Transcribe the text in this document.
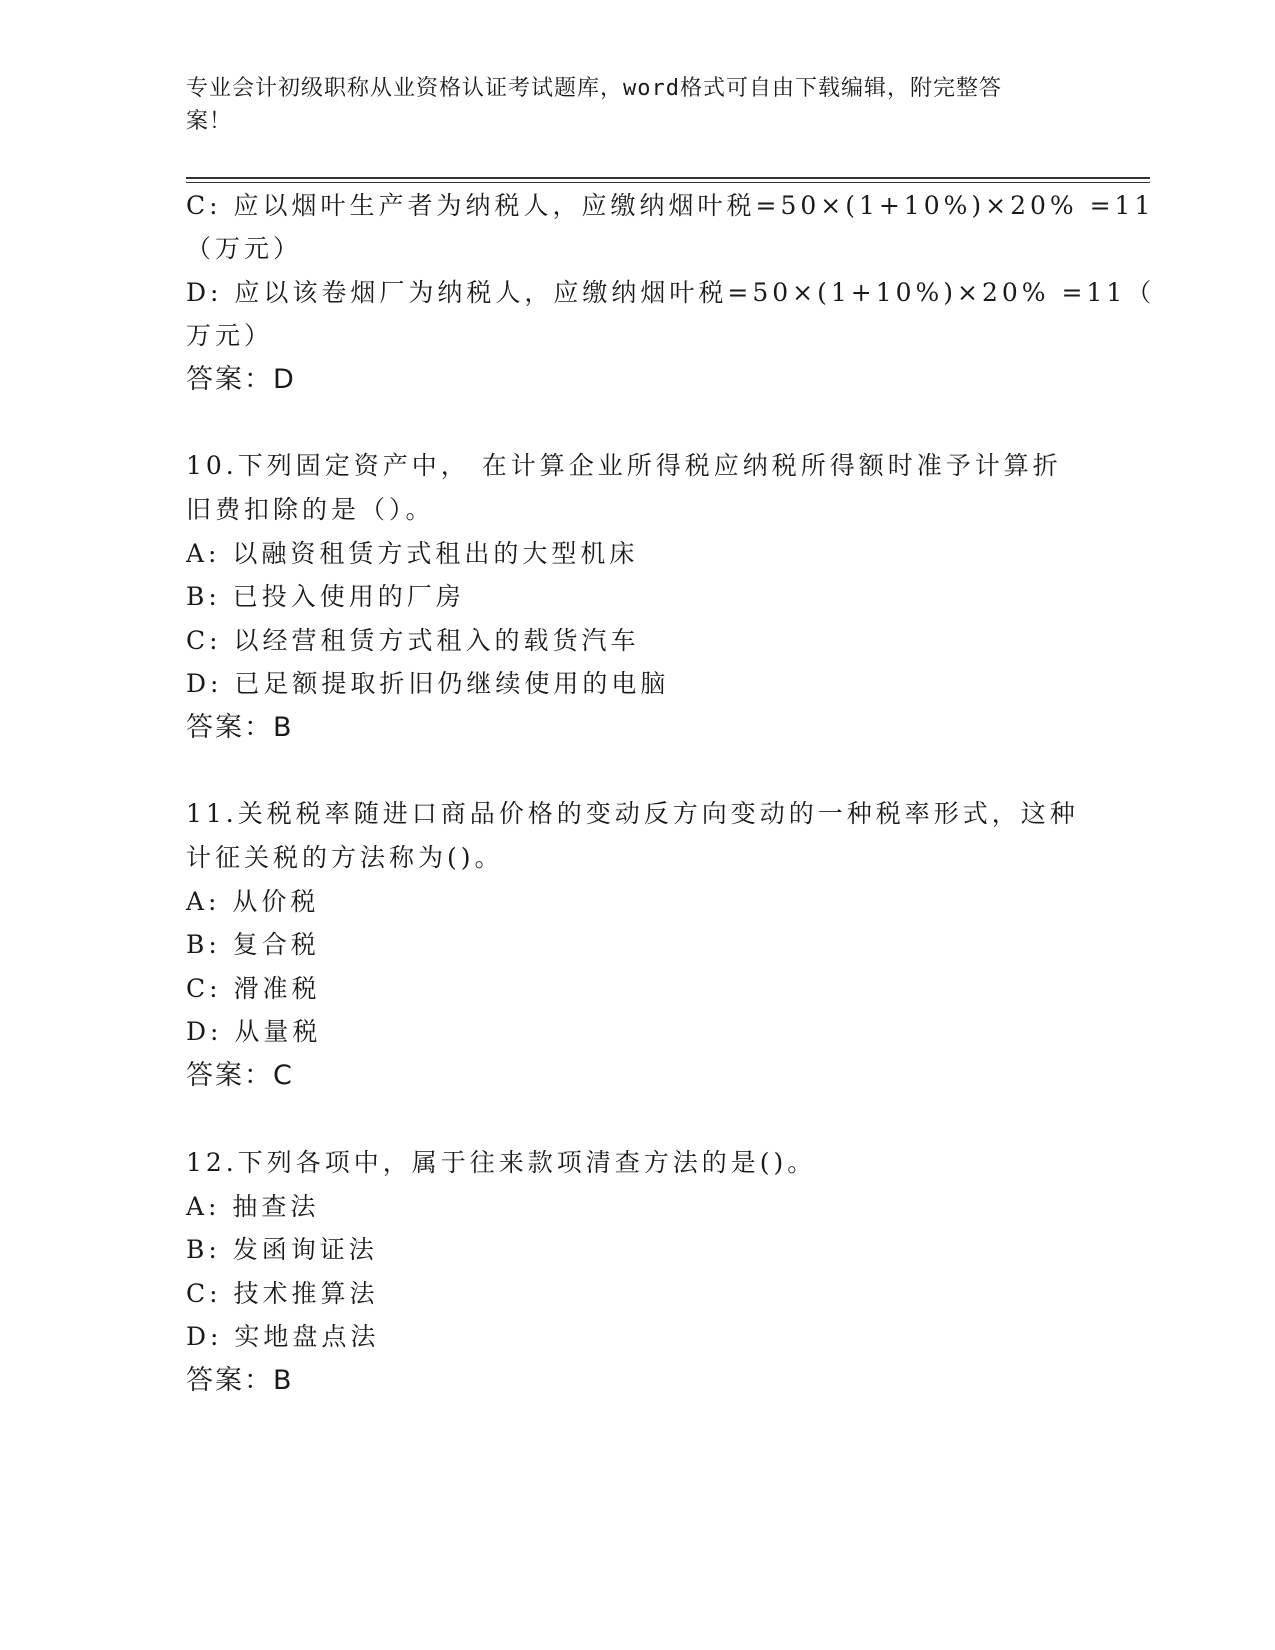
专业会计初级职称从业资格认证考试题库，word格式可自由下载编辑，附完整答
案！
C: 应以烟叶生产者为纳税人，应缴纳烟叶税=50×(1+10%)×20% =11
（万元）
D: 应以该卷烟厂为纳税人，应缴纳烟叶税=50×(1+10%)×20% =11（
万元）
答案：D
10.下列固定资产中， 在计算企业所得税应纳税所得额时准予计算折
旧费扣除的是（）。
A: 以融资租赁方式租出的大型机床
B: 已投入使用的厂房
C: 以经营租赁方式租入的载货汽车
D: 已足额提取折旧仍继续使用的电脑
答案：B
11.关税税率随进口商品价格的变动反方向变动的一种税率形式，这种
计征关税的方法称为()。
A: 从价税
B: 复合税
C: 滑准税
D: 从量税
答案：C
12.下列各项中，属于往来款项清查方法的是()。
A: 抽查法
B: 发函询证法
C: 技术推算法
D: 实地盘点法
答案：B
